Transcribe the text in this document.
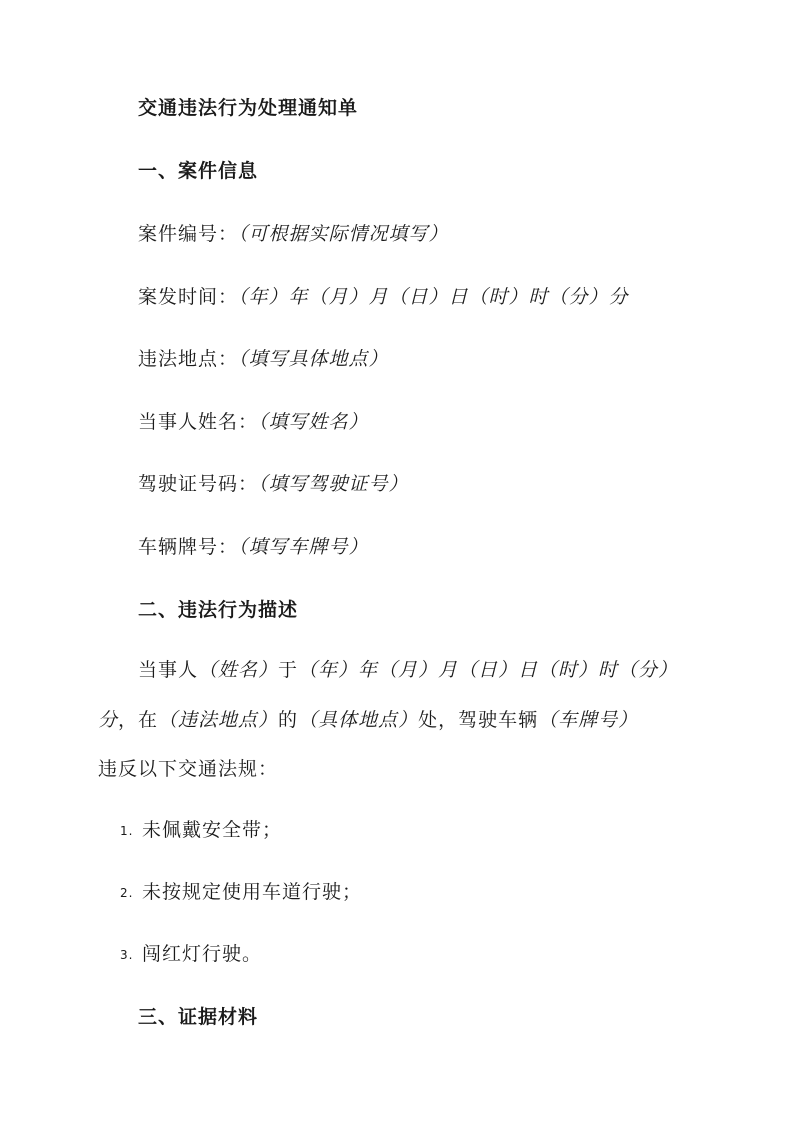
交通违法行为处理通知单
一、案件信息
案件编号：（可根据实际情况填写）
案发时间：（年）年（月）月（日）日（时）时（分）分
违法地点：（填写具体地点）
当事人姓名：（填写姓名）
驾驶证号码：（填写驾驶证号）
车辆牌号：（填写车牌号）
二、违法行为描述
当事人（姓名）于（年）年（月）月（日）日（时）时（分）
分，在（违法地点）的（具体地点）处，驾驶车辆（车牌号）
违反以下交通法规：
1. 未佩戴安全带；
2. 未按规定使用车道行驶；
3. 闯红灯行驶。
三、证据材料
